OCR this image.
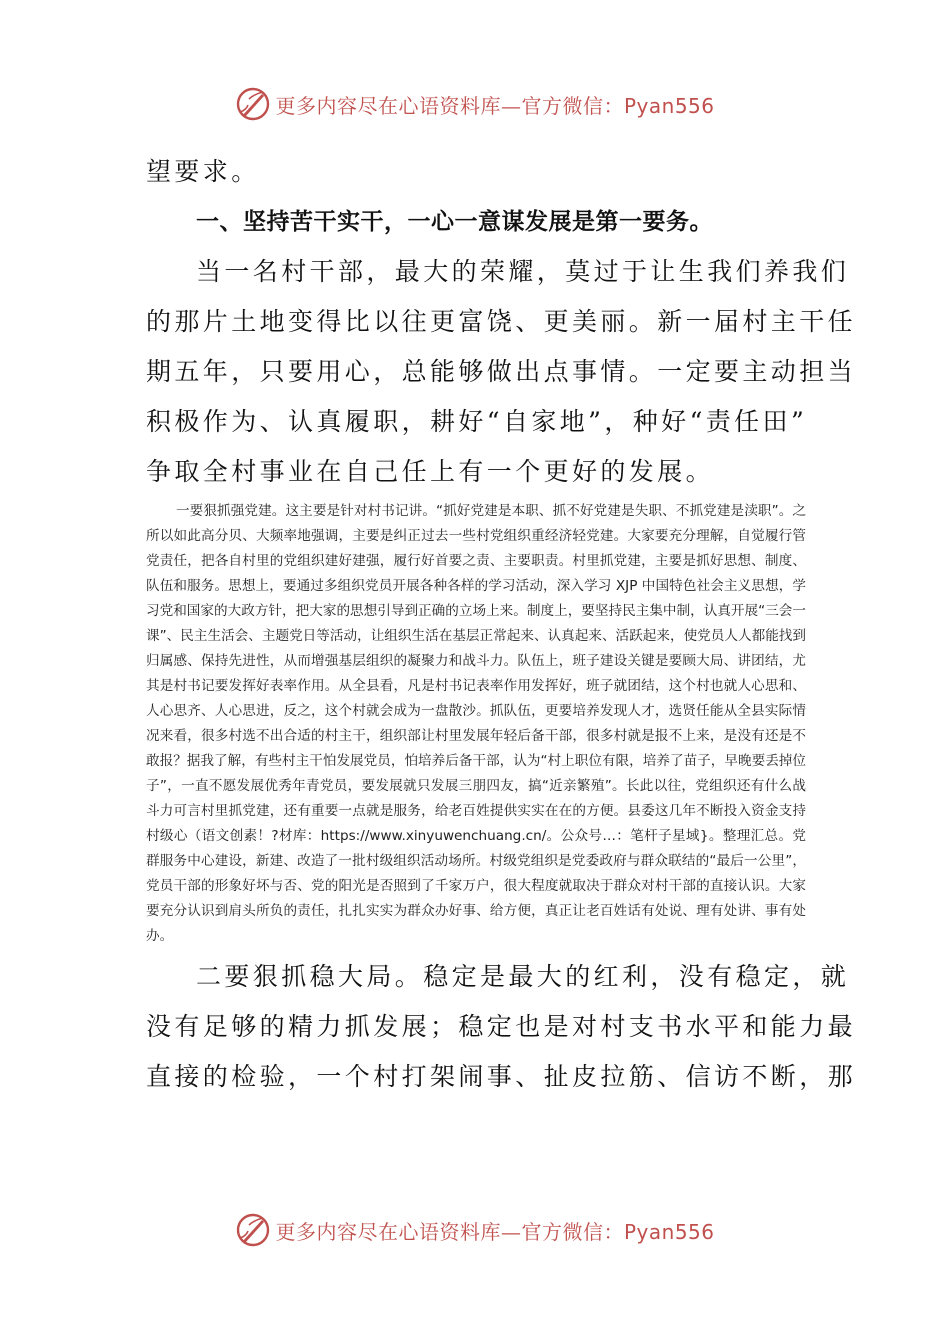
更多内容尽在心语资料库—官方微信：Pyan556

望要求。

一、坚持苦干实干，一心一意谋发展是第一要务。

当一名村干部，最大的荣耀，莫过于让生我们养我们

的那片土地变得比以往更富饶、更美丽。新一届村主干任

期五年，只要用心，总能够做出点事情。一定要主动担当

积极作为、认真履职，耕好“自家地”，种好“责任田”

争取全村事业在自己任上有一个更好的发展。

一要狠抓强党建。这主要是针对村书记讲。“抓好党建是本职、抓不好党建是失职、不抓党建是渎职”。之所以如此高分贝、大频率地强调，主要是纠正过去一些村党组织重经济轻党建。大家要充分理解，自觉履行管党责任，把各自村里的党组织建好建强，履行好首要之责、主要职责。村里抓党建，主要是抓好思想、制度、队伍和服务。思想上，要通过多组织党员开展各种各样的学习活动，深入学习 XJP 中国特色社会主义思想，学习党和国家的大政方针，把大家的思想引导到正确的立场上来。制度上，要坚持民主集中制，认真开展“三会一课”、民主生活会、主题党日等活动，让组织生活在基层正常起来、认真起来、活跃起来，使党员人人都能找到归属感、保持先进性，从而增强基层组织的凝聚力和战斗力。队伍上，班子建设关键是要顾大局、讲团结，尤其是村书记要发挥好表率作用。从全县看，凡是村书记表率作用发挥好，班子就团结，这个村也就人心思和、人心思齐、人心思进，反之，这个村就会成为一盘散沙。抓队伍，更要培养发现人才，选贤任能从全县实际情况来看，很多村选不出合适的村主干，组织部让村里发展年轻后备干部，很多村就是报不上来，是没有还是不敢报？据我了解，有些村主干怕发展党员，怕培养后备干部，认为“村上职位有限，培养了苗子，早晚要丢掉位子”，一直不愿发展优秀年青党员，要发展就只发展三朋四友，搞“近亲繁殖”。长此以往，党组织还有什么战斗力可言村里抓党建，还有重要一点就是服务，给老百姓提供实实在在的方便。县委这几年不断投入资金支持村级心（语文创素！?材库：https://www.xinyuwenchuang.cn/。公众号…：笔杆子星域}。整理汇总。党群服务中心建设，新建、改造了一批村级组织活动场所。村级党组织是党委政府与群众联结的“最后一公里”，党员干部的形象好坏与否、党的阳光是否照到了千家万户，很大程度就取决于群众对村干部的直接认识。大家要充分认识到肩头所负的责任，扎扎实实为群众办好事、给方便，真正让老百姓话有处说、理有处讲、事有处办。

二要狠抓稳大局。稳定是最大的红利，没有稳定，就

没有足够的精力抓发展；稳定也是对村支书水平和能力最

直接的检验，一个村打架闹事、扯皮拉筋、信访不断，那

更多内容尽在心语资料库—官方微信：Pyan556
